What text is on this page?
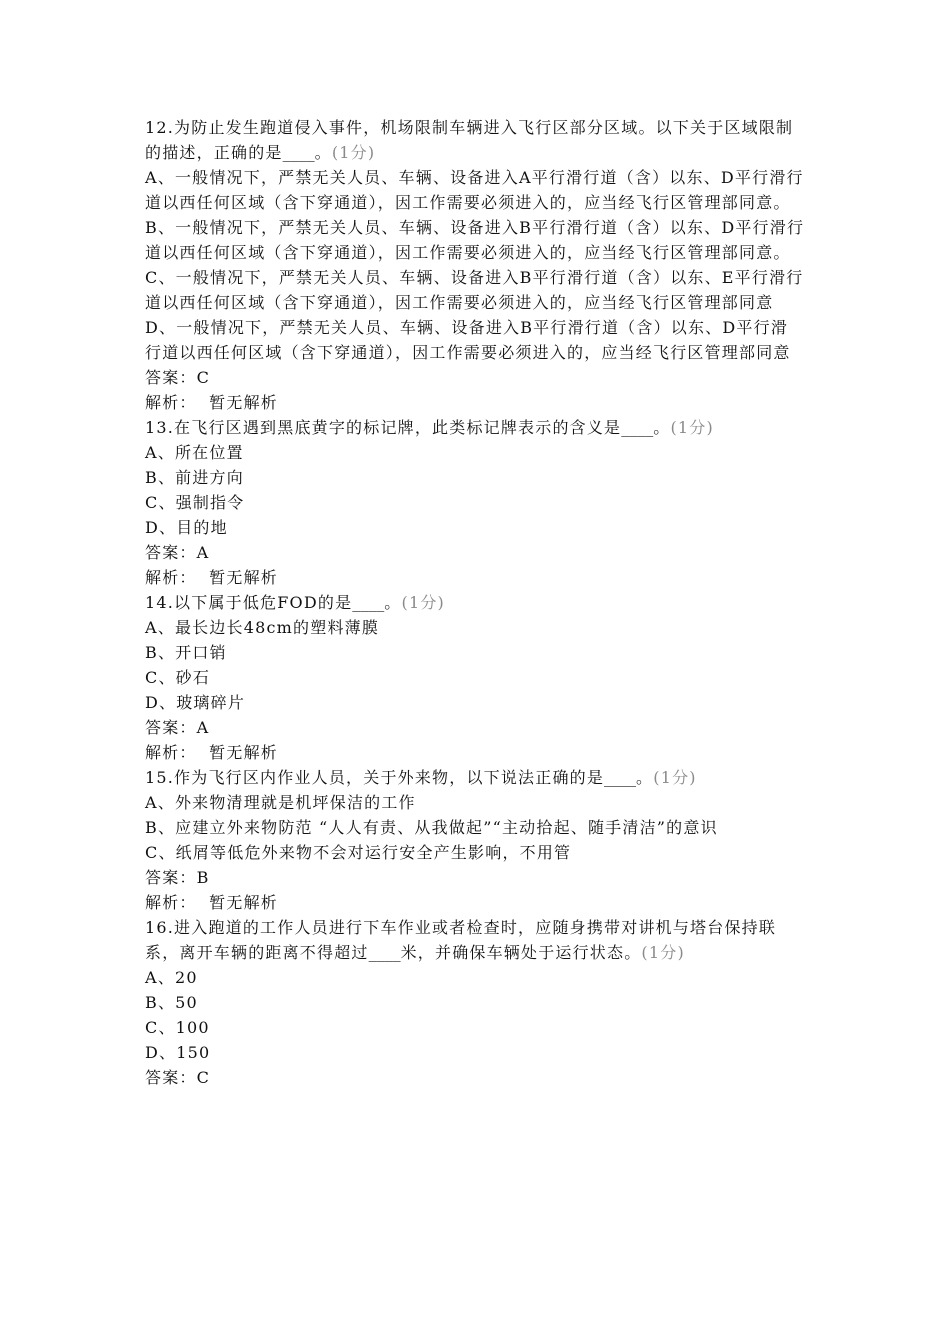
12.为防止发生跑道侵入事件，机场限制车辆进入飞行区部分区域。以下关于区域限制的描述，正确的是____。(1分)
A、一般情况下，严禁无关人员、车辆、设备进入A平行滑行道（含）以东、D平行滑行道以西任何区域（含下穿通道），因工作需要必须进入的，应当经飞行区管理部同意。
B、一般情况下，严禁无关人员、车辆、设备进入B平行滑行道（含）以东、D平行滑行道以西任何区域（含下穿通道），因工作需要必须进入的，应当经飞行区管理部同意。
C、一般情况下，严禁无关人员、车辆、设备进入B平行滑行道（含）以东、E平行滑行道以西任何区域（含下穿通道），因工作需要必须进入的，应当经飞行区管理部同意
D、一般情况下，严禁无关人员、车辆、设备进入B平行滑行道（含）以东、D平行滑行道以西任何区域（含下穿通道），因工作需要必须进入的，应当经飞行区管理部同意
答案：C
解析：  暂无解析
13.在飞行区遇到黑底黄字的标记牌，此类标记牌表示的含义是____。(1分)
A、所在位置
B、前进方向
C、强制指令
D、目的地
答案：A
解析：  暂无解析
14.以下属于低危FOD的是____。(1分)
A、最长边长48cm的塑料薄膜
B、开口销
C、砂石
D、玻璃碎片
答案：A
解析：  暂无解析
15.作为飞行区内作业人员，关于外来物，以下说法正确的是____。(1分)
A、外来物清理就是机坪保洁的工作
B、应建立外来物防范 “人人有责、从我做起”“主动拾起、随手清洁”的意识
C、纸屑等低危外来物不会对运行安全产生影响，不用管
答案：B
解析：  暂无解析
16.进入跑道的工作人员进行下车作业或者检查时，应随身携带对讲机与塔台保持联系，离开车辆的距离不得超过____米，并确保车辆处于运行状态。(1分)
A、20
B、50
C、100
D、150
答案：C
